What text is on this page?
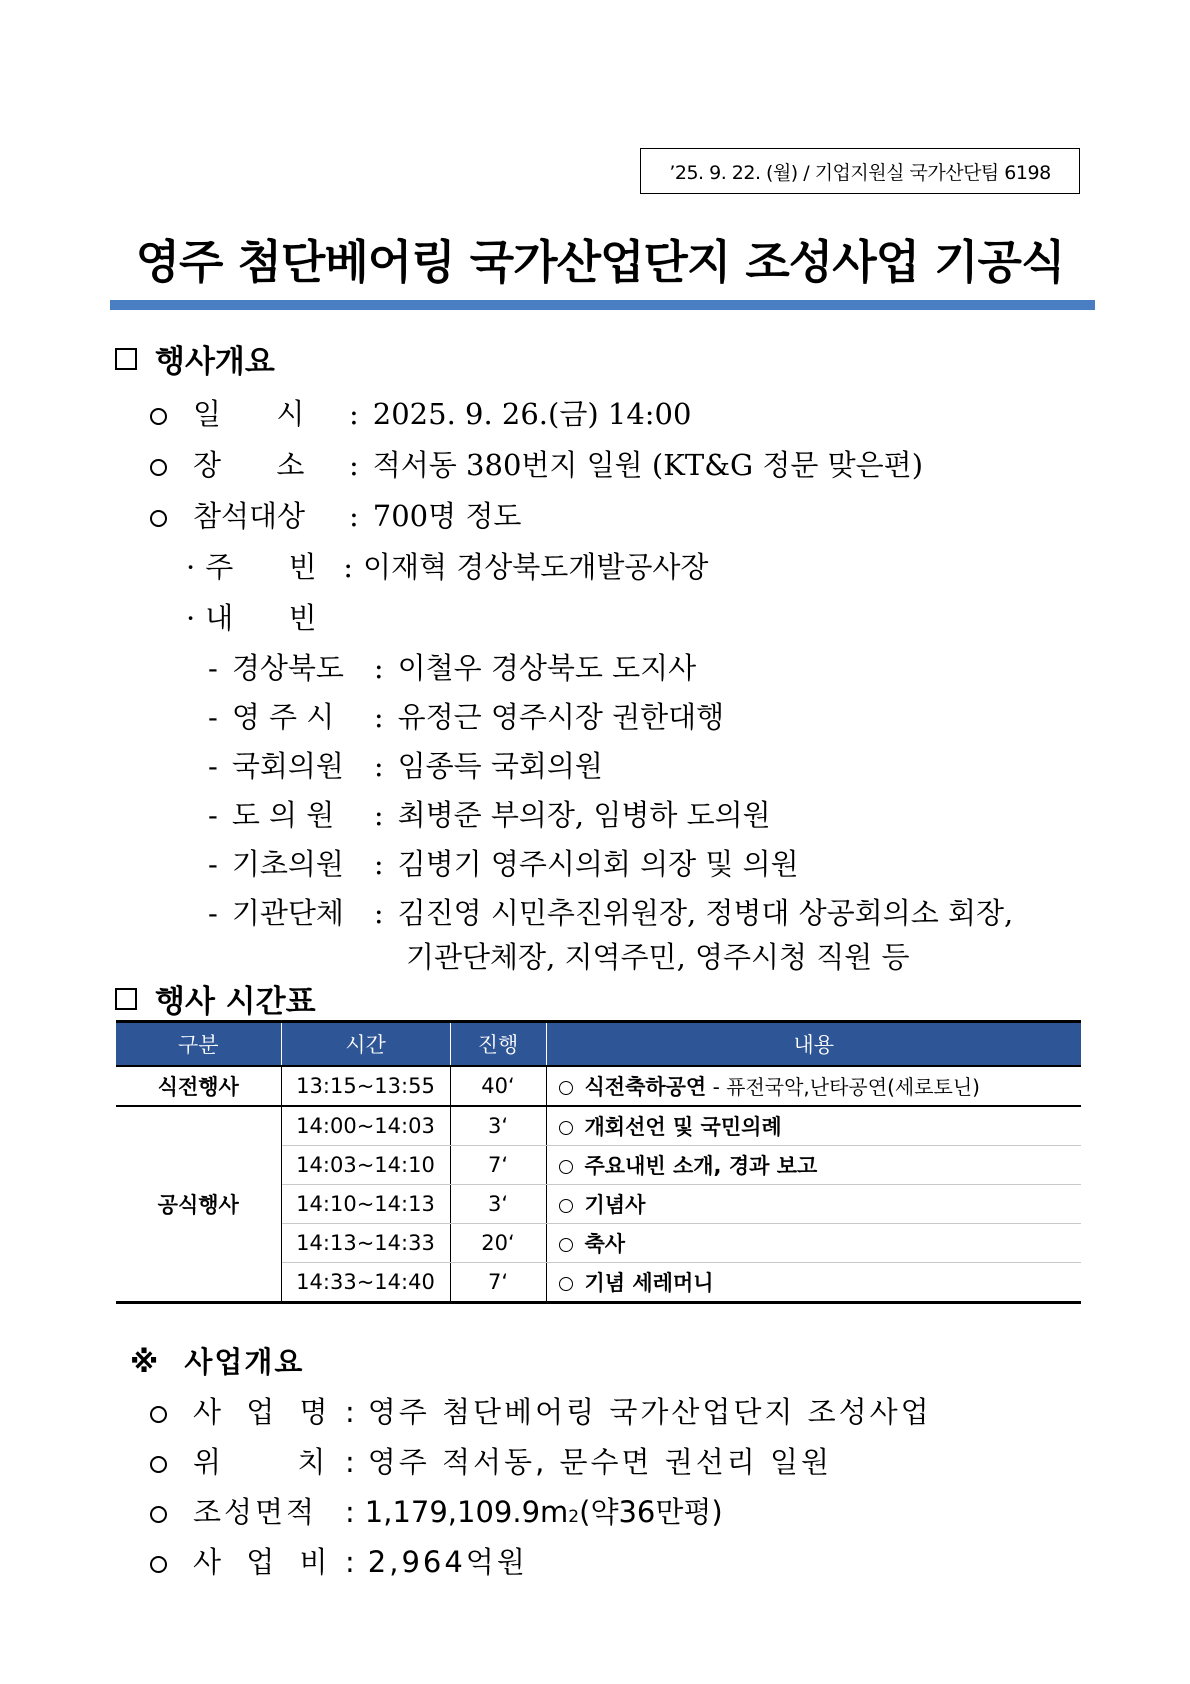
’25. 9. 22. (월) / 기업지원실 국가산단팀 6198
영주 첨단베어링 국가산업단지 조성사업 기공식
행사개요
일      시	: 2025. 9. 26.(금) 14:00
장      소	: 적서동 380번지 일원 (KT&G 정문 맞은편)
참석대상	: 700명 정도
· 주      빈 : 이재혁 경상북도개발공사장
· 내      빈
- 경상북도	: 이철우 경상북도 도지사
- 영 주 시	: 유정근 영주시장 권한대행
- 국회의원	: 임종득 국회의원
- 도 의 원	: 최병준 부의장, 임병하 도의원
- 기초의원	: 김병기 영주시의회 의장 및 의원
- 기관단체	: 김진영 시민추진위원장, 정병대 상공회의소 회장,
기관단체장, 지역주민, 영주시청 직원 등
행사 시간표
구분	시간	진행	내용
식전행사	13:15~13:55	40‘	식전축하공연 - 퓨전국악,난타공연(세로토닌)
공식행사	14:00~14:03	3‘	개회선언 및 국민의례
	14:03~14:10	7‘	주요내빈 소개, 경과 보고
	14:10~14:13	3‘	기념사
	14:13~14:33	20‘	축사
	14:33~14:40	7‘	기념 세레머니
※  사업개요
사 업 명 : 영주 첨단베어링 국가산업단지 조성사업
위      치 : 영주 적서동, 문수면 권선리 일원
조성면적 : 1,179,109.9m 2 (약36만평)
사 업 비 : 2,964억원
